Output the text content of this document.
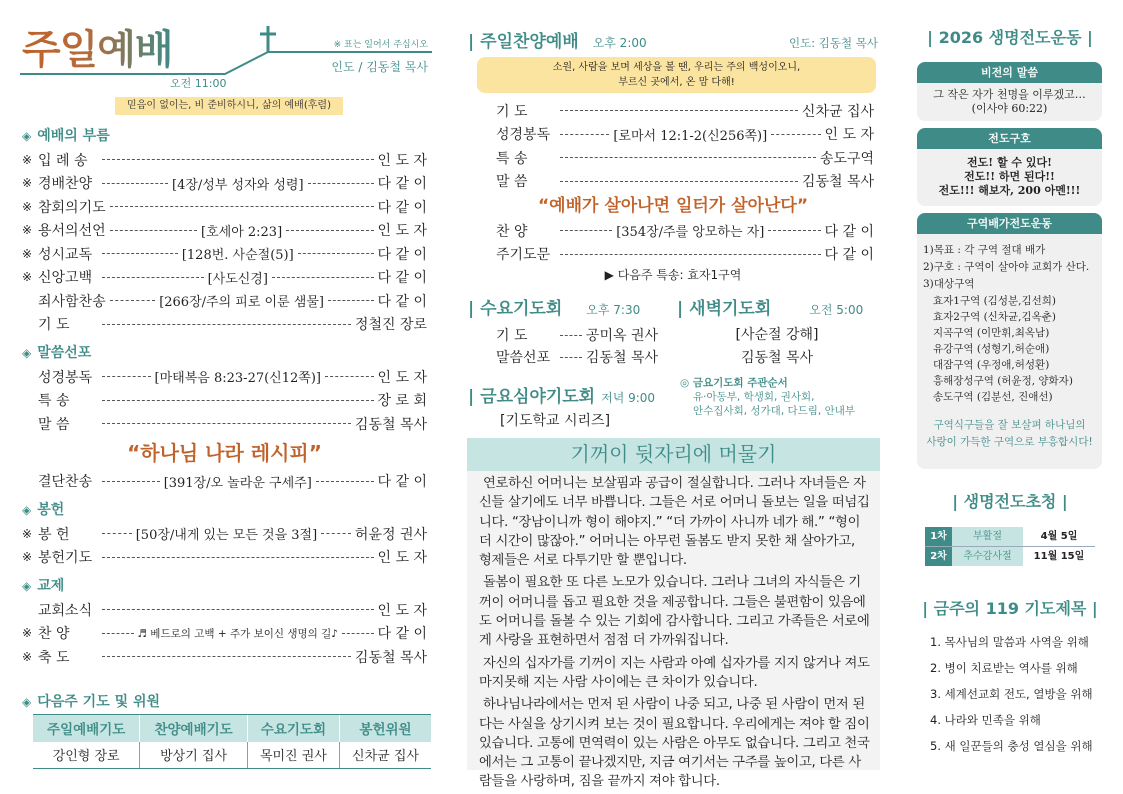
주일예배	※ 표는 일어서 주십시오
인도 / 김동철 목사
오전 11:00
믿음이 없이는, 비 준비하시니, 삶의 예배(후렴)
◈ 예배의 부름
※ 입 례 송	인 도 자
※ 경배찬양	[4장/성부 성자와 성령]	다 같 이
※ 참회의기도	다 같 이
※ 용서의선언	[호세아 2:23]	인 도 자
※ 성시교독	[128번. 사순절(5)]	다 같 이
※ 신앙고백	[사도신경]	다 같 이
죄사함찬송	[266장/주의 피로 이룬 샘물]	다 같 이
기 도	정철진 장로
◈ 말씀선포
성경봉독	[마태복음 8:23-27(신12쪽)]	인 도 자
특 송	장 로 회
말 씀	김동철 목사
“하나님 나라 레시피”
결단찬송	[391장/오 놀라운 구세주]	다 같 이
◈ 봉헌
※ 봉 헌	[50장/내게 있는 모든 것을 3절]	허윤정 권사
※ 봉헌기도	인 도 자
◈ 교제
교회소식	인 도 자
※ 찬 양	♬ 베드로의 고백 + 주가 보이신 생명의 길♪	다 같 이
※ 축 도	김동철 목사
◈ 다음주 기도 및 위원
주일예배기도	찬양예배기도	수요기도회	봉헌위원
강인형 장로	방상기 집사	목미진 권사	신차균 집사
| 주일찬양예배 오후 2:00	인도: 김동철 목사
소원, 사람을 보며 세상을 볼 땐, 우리는 주의 백성이오니,
부르신 곳에서, 온 맘 다해!
기 도	신차균 집사
성경봉독	[로마서 12:1-2(신256쪽)]	인 도 자
특 송	송도구역
말 씀	김동철 목사
“예배가 살아나면 일터가 살아난다”
찬 양	[354장/주를 앙모하는 자]	다 같 이
주기도문	다 같 이
▶ 다음주 특송: 효자1구역
| 수요기도회 오후 7:30
기 도	공미옥 권사
말씀선포	김동철 목사
| 새벽기도회	오전 5:00
[사순절 강해]
김동철 목사
| 금요심야기도회 저녁 9:00
[기도학교 시리즈]
◎ 금요기도회 주관순서
유·아동부, 학생회, 권사회,
안수집사회, 성가대, 다드림, 안내부
기꺼이 뒷자리에 머물기

연로하신 어머니는 보살핌과 공급이 절실합니다. 그러나 자녀들은 자신들 살기에도 너무 바쁩니다. 그들은 서로 어머니 돌보는 일을 떠넘깁니다. “장남이니까 형이 해야지.” “더 가까이 사니까 네가 해.” “형이 더 시간이 많잖아.” 어머니는 아무런 돌봄도 받지 못한 채 살아가고, 형제들은 서로 다투기만 할 뿐입니다.

돌봄이 필요한 또 다른 노모가 있습니다. 그러나 그녀의 자식들은 기꺼이 어머니를 돕고 필요한 것을 제공합니다. 그들은 불편함이 있음에도 어머니를 돌볼 수 있는 기회에 감사합니다. 그리고 가족들은 서로에게 사랑을 표현하면서 점점 더 가까워집니다.

자신의 십자가를 기꺼이 지는 사람과 아예 십자가를 지지 않거나 져도 마지못해 지는 사람 사이에는 큰 차이가 있습니다.

하나님나라에서는 먼저 된 사람이 나중 되고, 나중 된 사람이 먼저 된다는 사실을 상기시켜 보는 것이 필요합니다. 우리에게는 져야 할 짐이 있습니다. 고통에 면역력이 있는 사람은 아무도 없습니다. 그리고 천국에서는 그 고통이 끝나겠지만, 지금 여기서는 구주를 높이고, 다른 사람들을 사랑하며, 짐을 끝까지 져야 합니다.

| 2026 생명전도운동 |
비전의 말씀
그 작은 자가 천명을 이루겠고…
(이사야 60:22)
전도구호
전도! 할 수 있다!
전도!! 하면 된다!!
전도!!! 해보자, 200 아멘!!!
구역배가전도운동
1)목표 : 각 구역 절대 배가
2)구호 : 구역이 살아야 교회가 산다.
3)대상구역
효자1구역 (김성분,김선희)
효자2구역 (신차균,김옥춘)
지곡구역 (이만휘,최옥남)
유강구역 (성형기,허순애)
대잠구역 (우정애,허성환)
흥해장성구역 (허윤정, 양화자)
송도구역 (김분선, 진애선)
구역식구들을 잘 보살펴 하나님의
사랑이 가득한 구역으로 부흥합시다!
| 생명전도초청 |
1차	부활절	4월 5일
2차	추수감사절	11월 15일
| 금주의 119 기도제목 |
1. 목사님의 말씀과 사역을 위해
2. 병이 치료받는 역사를 위해
3. 세계선교회 전도, 열방을 위해
4. 나라와 민족을 위해
5. 새 일꾼들의 충성 열심을 위해
